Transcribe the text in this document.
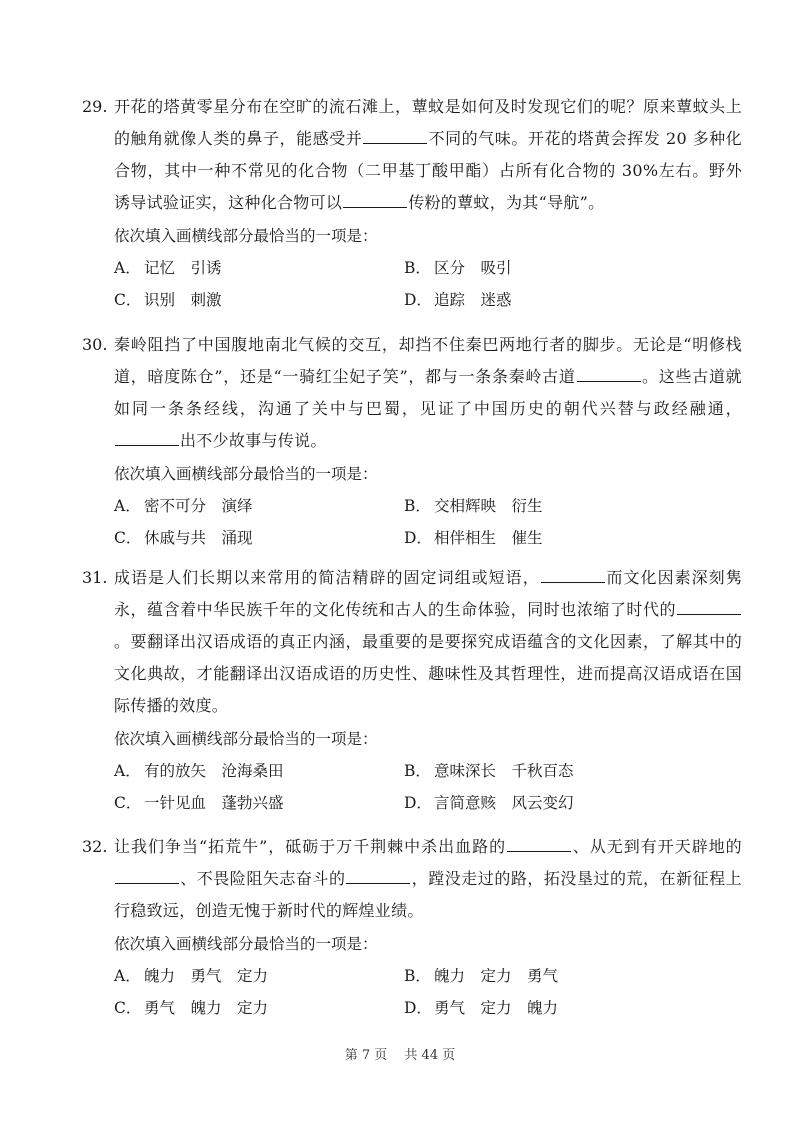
29. 开花的塔黄零星分布在空旷的流石滩上，蕈蚊是如何及时发现它们的呢？原来蕈蚊头上的触角就像人类的鼻子，能感受并	不同的气味。开花的塔黄会挥发 20 多种化合物，其中一种不常见的化合物（二甲基丁酸甲酯）占所有化合物的 30%左右。野外诱导试验证实，这种化合物可以	传粉的蕈蚊，为其“导航”。
依次填入画横线部分最恰当的一项是：
A． 记忆　引诱	B． 区分　吸引
C． 识别　刺激	D． 追踪　迷惑
30. 秦岭阻挡了中国腹地南北气候的交互，却挡不住秦巴两地行者的脚步。无论是“明修栈道，暗度陈仓”，还是“一骑红尘妃子笑”，都与一条条秦岭古道	。这些古道就如同一条条经线，沟通了关中与巴蜀，见证了中国历史的朝代兴替与政经融通，出不少故事与传说。
依次填入画横线部分最恰当的一项是：
A． 密不可分　演绎	B． 交相辉映　衍生
C． 休戚与共　涌现	D． 相伴相生　催生
31. 成语是人们长期以来常用的简洁精辟的固定词组或短语，	而文化因素深刻隽永，蕴含着中华民族千年的文化传统和古人的生命体验，同时也浓缩了时代的。要翻译出汉语成语的真正内涵，最重要的是要探究成语蕴含的文化因素，了解其中的文化典故，才能翻译出汉语成语的历史性、趣味性及其哲理性，进而提高汉语成语在国际传播的效度。
依次填入画横线部分最恰当的一项是：
A． 有的放矢　沧海桑田	B． 意味深长　千秋百态
C． 一针见血　蓬勃兴盛	D． 言简意赅　风云变幻
32. 让我们争当“拓荒牛”，砥砺于万千荆棘中杀出血路的	、从无到有开天辟地的、不畏险阻矢志奋斗的	，蹚没走过的路，拓没垦过的荒，在新征程上行稳致远，创造无愧于新时代的辉煌业绩。
依次填入画横线部分最恰当的一项是：
A． 魄力　勇气　定力	B． 魄力　定力　勇气
C． 勇气　魄力　定力	D． 勇气　定力　魄力
第 7 页　 共 44 页
